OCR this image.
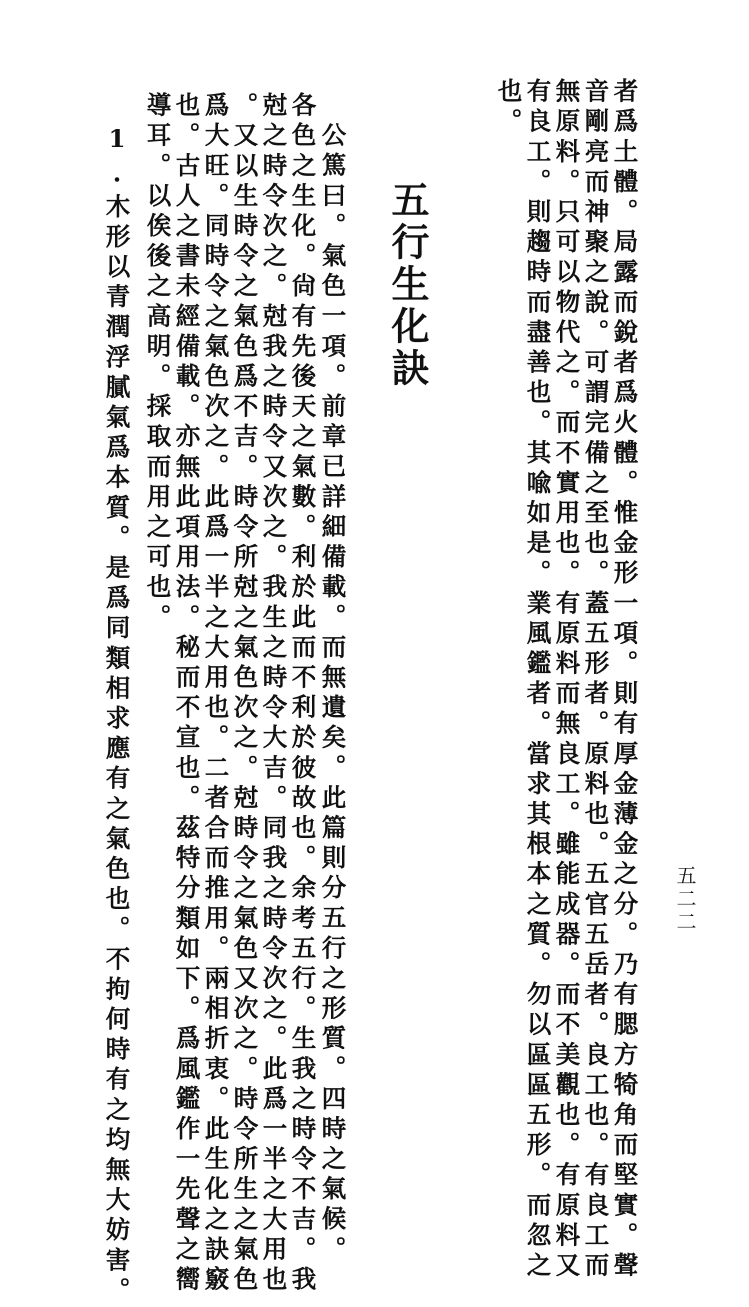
五二二
者爲土體。局露而銳者爲火體。惟金形一項。則有厚金薄金之分。乃有腮方犄角而堅實。聲
音剛亮而神聚之說。可謂完備之至也。蓋五形者。原料也。五官五岳者。良工也。有良工而
無原料。只可以物代之。而不實用也。有原料而無良工。雖能成器。而不美觀也。有原料又
有良工。則趨時而盡善也。其喩如是。業風鑑者。當求其根本之質。勿以區區五形。而忽之
也。
五行生化訣
公篤曰。氣色一項。前章已詳細備載。而無遺矣。此篇則分五行之形質。四時之氣候。
各色之生化。尙有先後天之氣數。利於此而不利於彼故也。余考五行。生我之時令不吉。我
尅之時令次之。尅我之時令又次之。我生之時令大吉。同我之時令次之。此爲一半之大用也
。又以生時令之氣色爲不吉。時令所尅之氣色次之。尅時令之氣色又次之。時令所生之氣色
爲大旺。同時令之氣色次之。此爲一半之大用也。二者合而推用。兩相折衷。此生化之訣竅
也。古人之書未經備載。亦無此項用法。秘而不宣也。茲特分類如下。爲風鑑作一先聲之嚮
導耳。以俟後之高明。採取而用之可也。
1.木形以青潤浮膩氣爲本質。是爲同類相求應有之氣色也。不拘何時有之均無大妨害。
